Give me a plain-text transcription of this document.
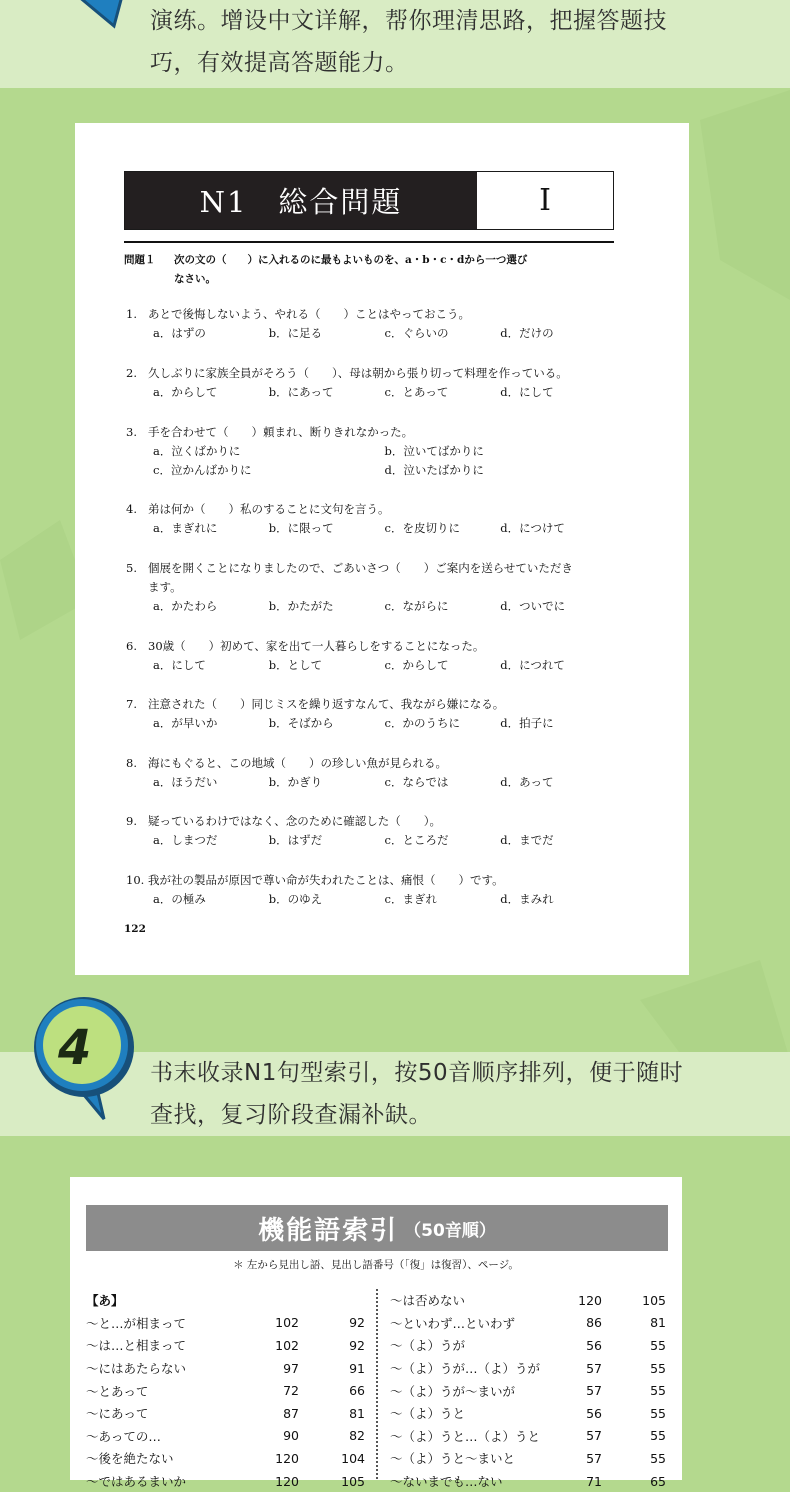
演练。增设中文详解，帮你理清思路，把握答题技
巧，有效提高答题能力。
N1　総合問題	Ⅰ
問題１ 次の文の（　　）に入れるのに最もよいものを、a・b・c・dから一つ選び
なさい。
1. あとで後悔しないよう、やれる（　　）ことはやっておこう。
a．はずの	b．に足る	c．ぐらいの	d．だけの
2. 久しぶりに家族全員がそろう（　　）、母は朝から張り切って料理を作っている。
a．からして	b．にあって	c．とあって	d．にして
3. 手を合わせて（　　）頼まれ、断りきれなかった。
a．泣くばかりに	b．泣いてばかりに
c．泣かんばかりに	d．泣いたばかりに
4. 弟は何か（　　）私のすることに文句を言う。
a．まぎれに	b．に限って	c．を皮切りに	d．につけて
5. 個展を開くことになりましたので、ごあいさつ（　　）ご案内を送らせていただき
ます。
a．かたわら	b．かたがた	c．ながらに	d．ついでに
6. 30歳（　　）初めて、家を出て一人暮らしをすることになった。
a．にして	b．として	c．からして	d．につれて
7. 注意された（　　）同じミスを繰り返すなんて、我ながら嫌になる。
a．が早いか	b．そばから	c．かのうちに	d．拍子に
8. 海にもぐると、この地域（　　）の珍しい魚が見られる。
a．ほうだい	b．かぎり	c．ならでは	d．あって
9. 疑っているわけではなく、念のために確認した（　　）。
a．しまつだ	b．はずだ	c．ところだ	d．までだ
10. 我が社の製品が原因で尊い命が失われたことは、痛恨（　　）です。
a．の極み	b．のゆえ	c．まぎれ	d．まみれ
122
书末收录N1句型索引，按50音顺序排列，便于随时
查找，复习阶段查漏补缺。
4
機能語索引 （50音順）
＊ 左から見出し語、見出し語番号（「復」は復習）、ページ。
【あ】
～と…が相まって	102	92
～は…と相まって	102	92
～にはあたらない	97	91
～とあって	72	66
～にあって	87	81
～あっての…	90	82
～後を絶たない	120	104
～ではあるまいか	120	105
～は否めない	120	105
～といわず…といわず	86	81
～（よ）うが	56	55
～（よ）うが…（よ）うが	57	55
～（よ）うが～まいが	57	55
～（よ）うと	56	55
～（よ）うと…（よ）うと	57	55
～（よ）うと～まいと	57	55
～ないまでも…ない	71	65
